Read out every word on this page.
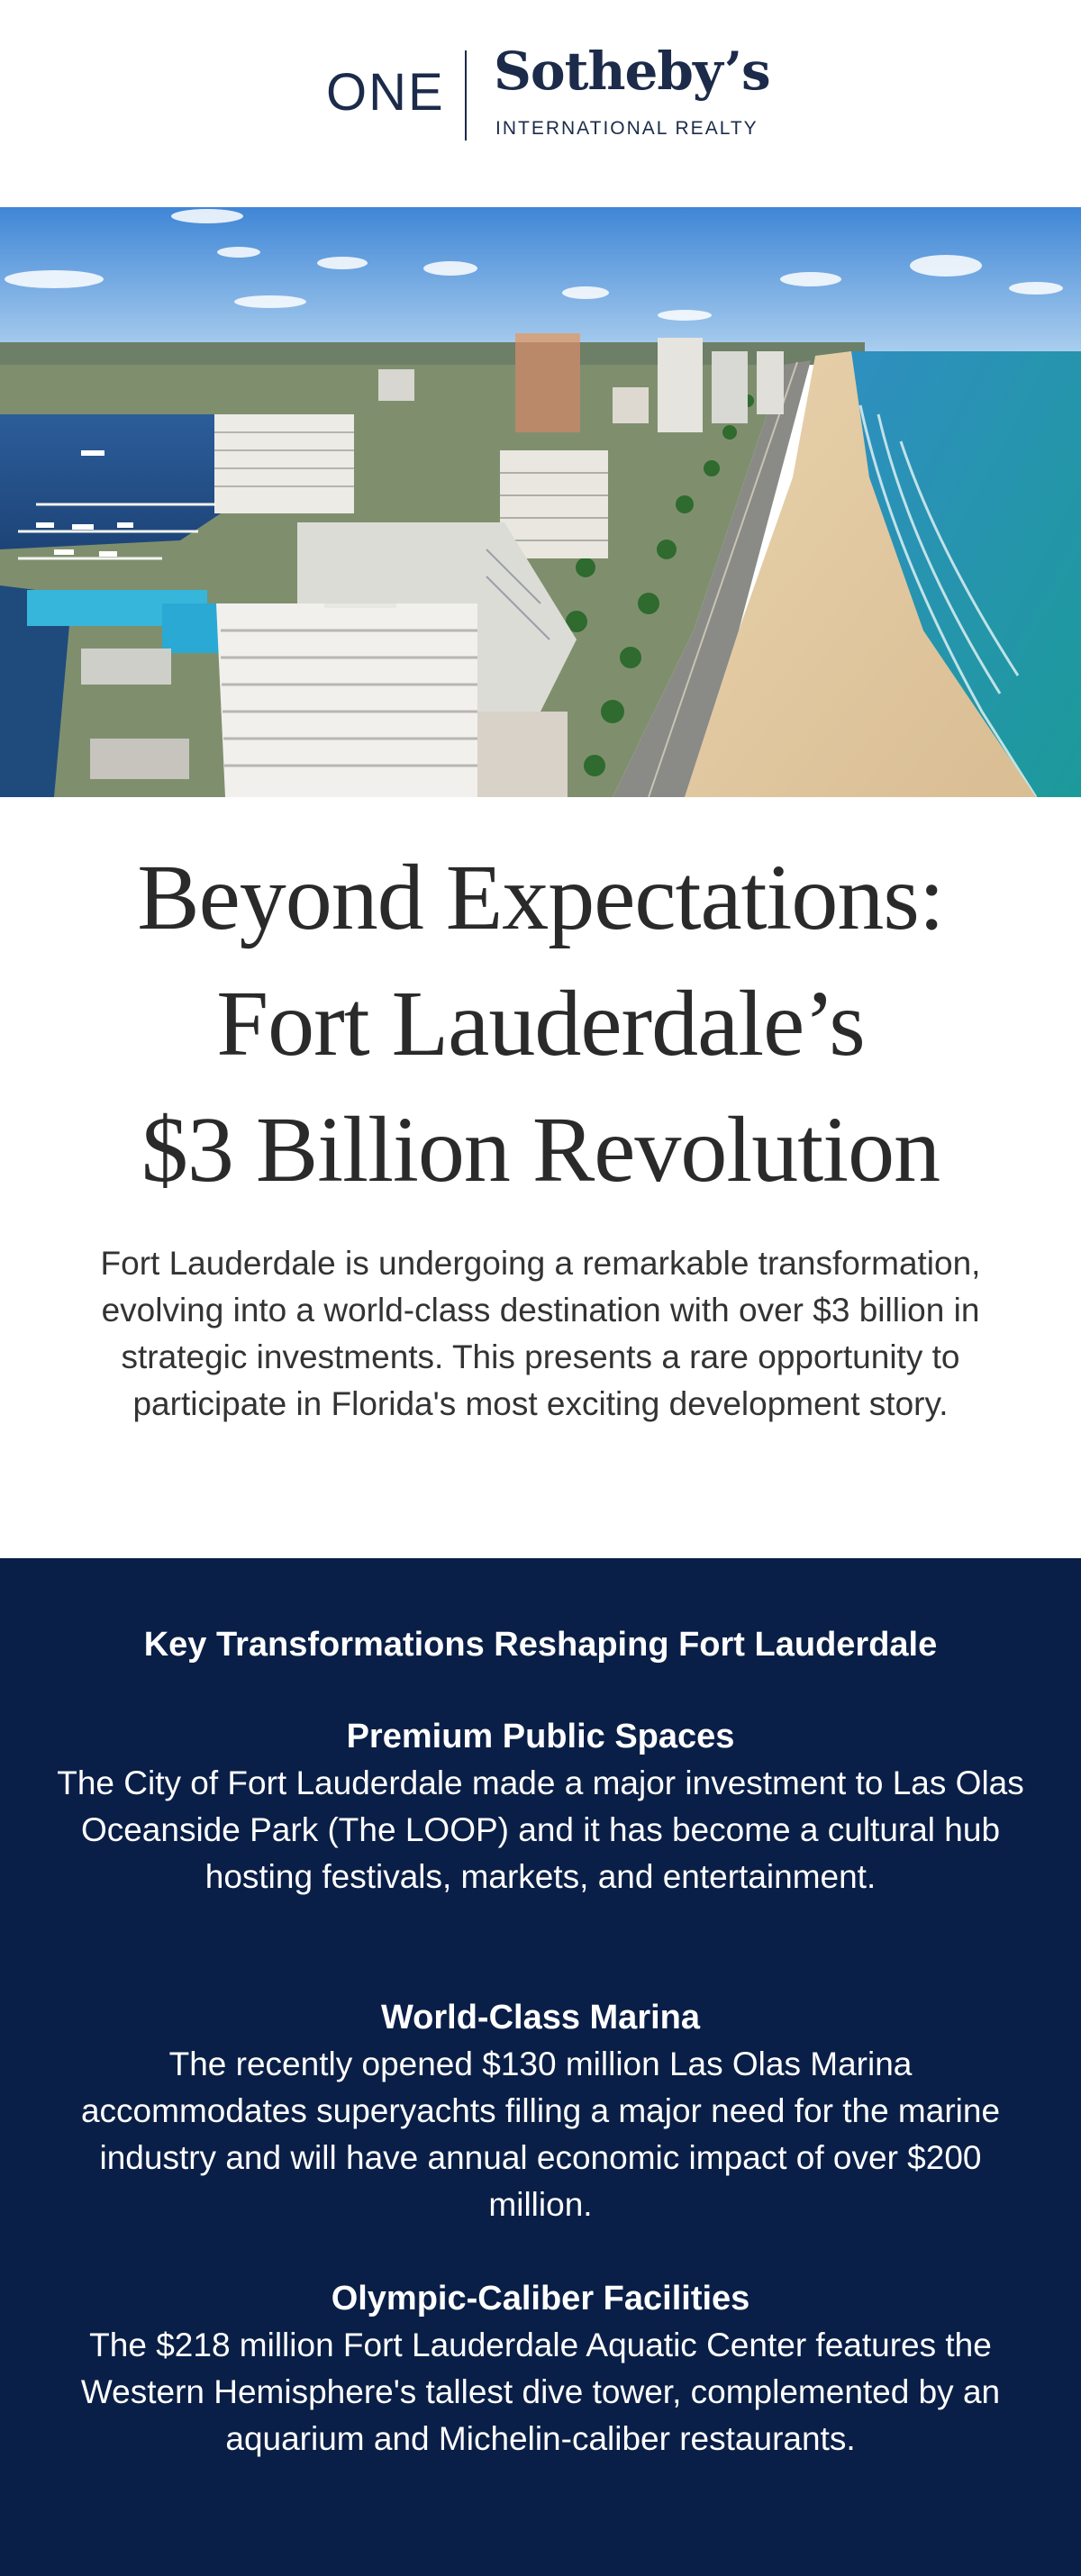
ONE Sotheby’s
INTERNATIONAL REALTY
Beyond Expectations:
Fort Lauderdale’s
$3 Billion Revolution

Fort Lauderdale is undergoing a remarkable transformation, evolving into a world-class destination with over $3 billion in strategic investments. This presents a rare opportunity to participate in Florida's most exciting development story.

Key Transformations Reshaping Fort Lauderdale
Premium Public Spaces

The City of Fort Lauderdale made a major investment to Las Olas Oceanside Park (The LOOP) and it has become a cultural hub hosting festivals, markets, and entertainment.

World-Class Marina

The recently opened $130 million Las Olas Marina accommodates superyachts filling a major need for the marine industry and will have annual economic impact of over $200 million.

Olympic-Caliber Facilities

The $218 million Fort Lauderdale Aquatic Center features the Western Hemisphere's tallest dive tower, complemented by an aquarium and Michelin-caliber restaurants.
